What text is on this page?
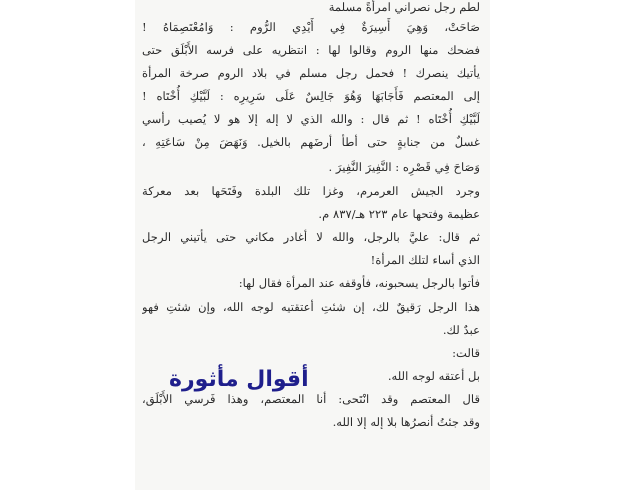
لطم رجل نصراني امرأةً مسلمة
صَاحَتْ، وَهِيَ أَسِيرَةٌ فِي أَيْدِي الرُّوم : وَامُعْتَصِمَاهُ !
فضحك منها الروم وقالوا لها : انتظريه على فرسه الأَبْلَق حتى
يأتيك ينصرك ! فحمل رجل مسلم في بلاد الروم صرخة المرأة
إلى المعتصم فَأَجَابَهَا وَهُوَ جَالِسٌ عَلَى سَرِيرِه : لَبَّيْكِ أُخْتَاه !
لَبَّيْكِ أُخْتَاه ! ثم قال : والله الذي لا إله إلا هو لا يُصيب رأسي
غسلٌ من جنابةٍ حتى أطأ أرضَهم بالخيل. وَنَهَضَ مِنْ سَاعَتِهِ ،
وَصَاحَ فِي قَصْرِه : النَّفِيرَ النَّفِيرَ .
وجرد الجيش العرمرم، وغزا تلك البلدة وفَتَحَها بعد معركة
عظيمة وفتحها عام ٢٢٣ هـ/٨٣٧ م.
ثم قال: عليَّ بالرجل، والله لا أغادر مكاني حتى يأتيني الرجل
الذي أساء لتلك المرأة!
فأتوا بالرجل يسحبونه، فأوقفه عند المرأة فقال لها:
هذا الرجل رَقيقٌ لك، إن شئتِ أعتقتيه لوجه الله، وإن شئتِ فهو
عبدٌ لك.
قالت:
بل أعتقه لوجه الله.
قال المعتصم وقد انْتَحى: أنا المعتصم، وهذا فَرسي الأَبْلَق،
وقد جئتُ أنصرُها بلا إله إلا الله.
أقوال مأثورة
